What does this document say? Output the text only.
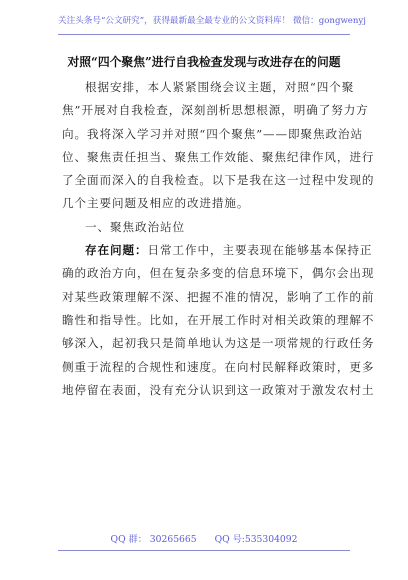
关注头条号“公文研究”，获得最新最全最专业的公文资料库！ 微信：gongwenyj
对照“四个聚焦”进行自我检查发现与改进存在的问题
根据安排，本人紧紧围绕会议主题，对照“四个聚
焦”开展对自我检查，深刻剖析思想根源，明确了努力方
向。我将深入学习并对照“四个聚焦”——即聚焦政治站
位、聚焦责任担当、聚焦工作效能、聚焦纪律作风，进行
了全面而深入的自我检查。以下是我在这一过程中发现的
几个主要问题及相应的改进措施。
一、聚焦政治站位
存在问题：日常工作中，主要表现在能够基本保持正
确的政治方向，但在复杂多变的信息环境下，偶尔会出现
对某些政策理解不深、把握不准的情况，影响了工作的前
瞻性和指导性。比如，在开展工作时对相关政策的理解不
够深入，起初我只是简单地认为这是一项常规的行政任务
侧重于流程的合规性和速度。在向村民解释政策时，更多
地停留在表面，没有充分认识到这一政策对于激发农村土
QQ 群： 30265665 QQ 号:535304092
